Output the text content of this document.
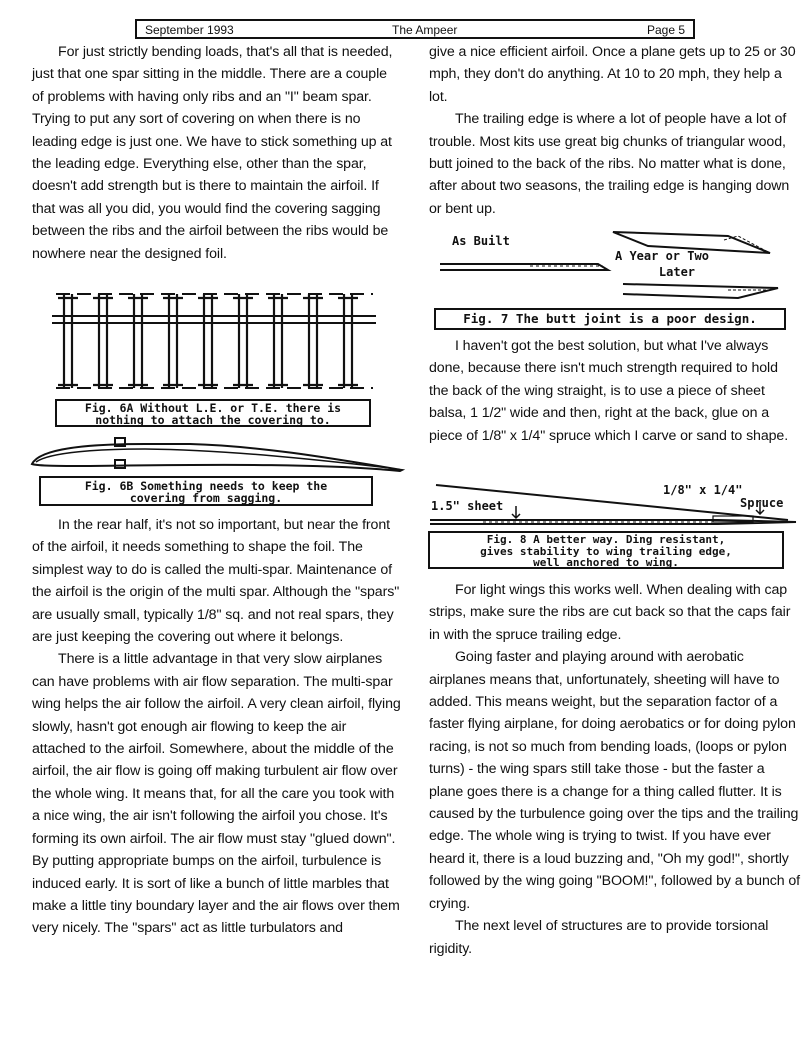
September 1993	The Ampeer	Page 5

For just strictly bending loads, that's all that is needed, just that one spar sitting in the middle. There are a couple of problems with having only ribs and an "I" beam spar. Trying to put any sort of covering on when there is no leading edge is just one. We have to stick something up at the leading edge. Everything else, other than the spar, doesn't add strength but is there to maintain the airfoil. If that was all you did, you would find the covering sagging between the ribs and the airfoil between the ribs would be nowhere near the designed foil.

Fig. 6A Without L.E. or T.E. there is
nothing to attach the covering to.
Fig. 6B Something needs to keep the
covering from sagging.

In the rear half, it's not so important, but near the front of the airfoil, it needs something to shape the foil. The simplest way to do is called the multi-spar. Maintenance of the airfoil is the origin of the multi spar. Although the "spars" are usually small, typically 1/8" sq. and not real spars, they are just keeping the covering out where it belongs.

There is a little advantage in that very slow airplanes can have problems with air flow separation. The multi-spar wing helps the air follow the airfoil. A very clean airfoil, flying slowly, hasn't got enough air flowing to keep the air attached to the airfoil. Somewhere, about the middle of the airfoil, the air flow is going off making turbulent air flow over the whole wing. It means that, for all the care you took with a nice wing, the air isn't following the airfoil you chose. It's forming its own airfoil. The air flow must stay "glued down". By putting appropriate bumps on the airfoil, turbulence is induced early. It is sort of like a bunch of little marbles that make a little tiny boundary layer and the air flows over them very nicely. The "spars" act as little turbulators and

give a nice efficient airfoil. Once a plane gets up to 25 or 30 mph, they don't do anything. At 10 to 20 mph, they help a lot.

The trailing edge is where a lot of people have a lot of trouble. Most kits use great big chunks of triangular wood, butt joined to the back of the ribs. No matter what is done, after about two seasons, the trailing edge is hanging down or bent up.

As Built
A Year or Two
Later
Fig. 7 The butt joint is a poor design.

I haven't got the best solution, but what I've always done, because there isn't much strength required to hold the back of the wing straight, is to use a piece of sheet balsa, 1 1/2" wide and then, right at the back, glue on a piece of 1/8" x 1/4" spruce which I carve or sand to shape.

1/8" x 1/4"
1.5" sheet	Spruce
Fig. 8 A better way. Ding resistant,
gives stability to wing trailing edge,
well anchored to wing.

For light wings this works well. When dealing with cap strips, make sure the ribs are cut back so that the caps fair in with the spruce trailing edge.

Going faster and playing around with aerobatic airplanes means that, unfortunately, sheeting will have to added. This means weight, but the separation factor of a faster flying airplane, for doing aerobatics or for doing pylon racing, is not so much from bending loads, (loops or pylon turns) - the wing spars still take those - but the faster a plane goes there is a change for a thing called flutter. It is caused by the turbulence going over the tips and the trailing edge. The whole wing is trying to twist. If you have ever heard it, there is a loud buzzing and, "Oh my god!", shortly followed by the wing going "BOOM!", followed by a bunch of crying.

The next level of structures are to provide torsional rigidity.
